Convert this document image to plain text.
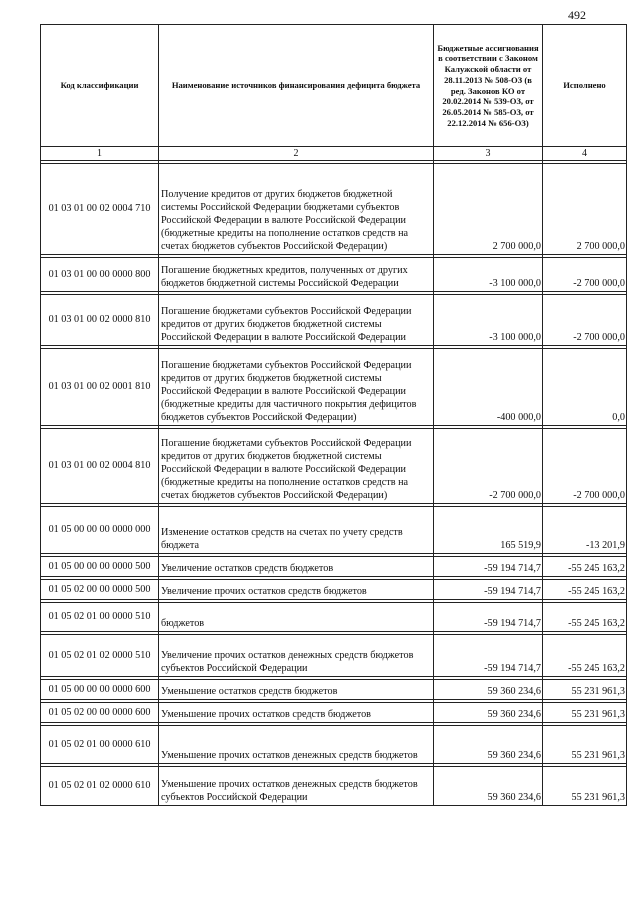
492
Код классификации	Наименование источников финансирования дефицита бюджета	Бюджетные ассигнования в соответствии с Законом Калужской области от 28.11.2013 № 508-ОЗ (в ред. Законов КО от 20.02.2014 № 539-ОЗ, от 26.05.2014 № 585-ОЗ, от 22.12.2014 № 656-ОЗ)	Исполнено
1	2	3	4

01 03 01 00 02 0004 710	Получение кредитов от других бюджетов бюджетной системы Российской Федерации бюджетами субъектов Российской Федерации в валюте Российской Федерации (бюджетные кредиты на пополнение остатков средств на счетах бюджетов субъектов Российской Федерации)	2 700 000,0	2 700 000,0

01 03 01 00 00 0000 800	Погашение бюджетных кредитов, полученных от других бюджетов бюджетной системы Российской Федерации	-3 100 000,0	-2 700 000,0

01 03 01 00 02 0000 810	Погашение бюджетами субъектов Российской Федерации кредитов от других бюджетов бюджетной системы Российской Федерации в валюте Российской Федерации	-3 100 000,0	-2 700 000,0

01 03 01 00 02 0001 810	Погашение бюджетами субъектов Российской Федерации кредитов от других бюджетов бюджетной системы Российской Федерации в валюте Российской Федерации (бюджетные кредиты для частичного покрытия дефицитов бюджетов субъектов Российской Федерации)	-400 000,0	0,0

01 03 01 00 02 0004 810	Погашение бюджетами субъектов Российской Федерации кредитов от других бюджетов бюджетной системы Российской Федерации в валюте Российской Федерации (бюджетные кредиты на пополнение остатков средств на счетах бюджетов субъектов Российской Федерации)	-2 700 000,0	-2 700 000,0

01 05 00 00 00 0000 000	Изменение остатков средств на счетах по учету средств бюджета	165 519,9	-13 201,9

01 05 00 00 00 0000 500	Увеличение остатков средств бюджетов	-59 194 714,7	-55 245 163,2

01 05 02 00 00 0000 500	Увеличение прочих остатков средств бюджетов	-59 194 714,7	-55 245 163,2

01 05 02 01 00 0000 510	бюджетов	-59 194 714,7	-55 245 163,2

01 05 02 01 02 0000 510	Увеличение прочих остатков денежных средств бюджетов субъектов Российской Федерации	-59 194 714,7	-55 245 163,2

01 05 00 00 00 0000 600	Уменьшение остатков средств бюджетов	59 360 234,6	55 231 961,3

01 05 02 00 00 0000 600	Уменьшение прочих остатков средств бюджетов	59 360 234,6	55 231 961,3

01 05 02 01 00 0000 610	Уменьшение прочих остатков денежных средств бюджетов	59 360 234,6	55 231 961,3

01 05 02 01 02 0000 610	Уменьшение прочих остатков денежных средств бюджетов субъектов Российской Федерации	59 360 234,6	55 231 961,3
